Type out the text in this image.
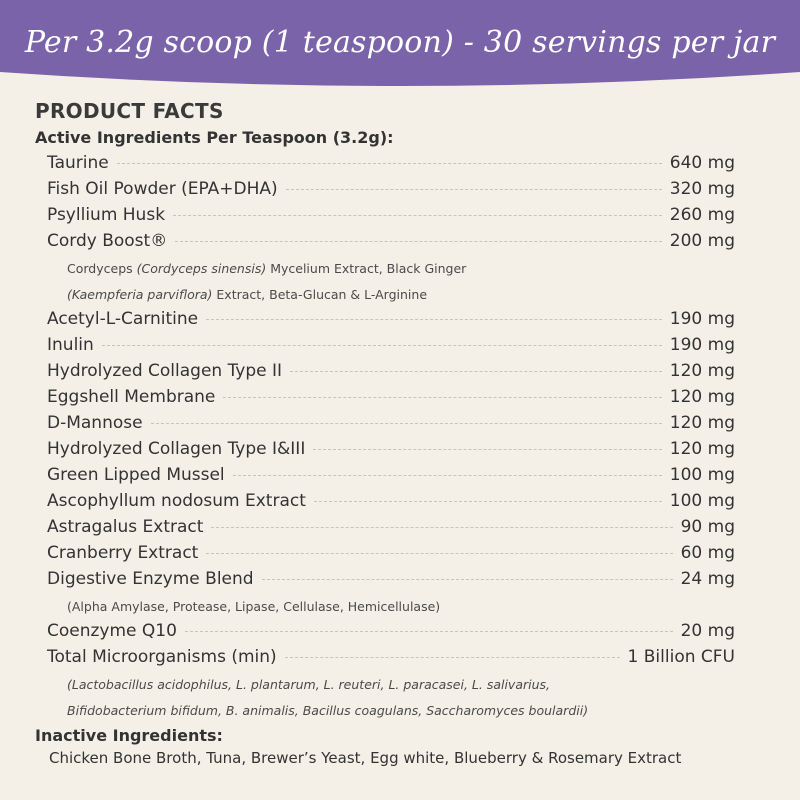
Per 3.2g scoop (1 teaspoon) - 30 servings per jar
PRODUCT FACTS
Active Ingredients Per Teaspoon (3.2g):
Taurine	640 mg
Fish Oil Powder (EPA+DHA)	320 mg
Psyllium Husk	260 mg
Cordy Boost®	200 mg
Cordyceps (Cordyceps sinensis) Mycelium Extract, Black Ginger
(Kaempferia parviflora) Extract, Beta-Glucan & L-Arginine
Acetyl-L-Carnitine	190 mg
Inulin	190 mg
Hydrolyzed Collagen Type II	120 mg
Eggshell Membrane	120 mg
D-Mannose	120 mg
Hydrolyzed Collagen Type I&III	120 mg
Green Lipped Mussel	100 mg
Ascophyllum nodosum Extract	100 mg
Astragalus Extract	90 mg
Cranberry Extract	60 mg
Digestive Enzyme Blend	24 mg
(Alpha Amylase, Protease, Lipase, Cellulase, Hemicellulase)
Coenzyme Q10	20 mg
Total Microorganisms (min)	1 Billion CFU
(Lactobacillus acidophilus, L. plantarum, L. reuteri, L. paracasei, L. salivarius,
Bifidobacterium bifidum, B. animalis, Bacillus coagulans, Saccharomyces boulardii)
Inactive Ingredients:
Chicken Bone Broth, Tuna, Brewer’s Yeast, Egg white, Blueberry & Rosemary Extract
